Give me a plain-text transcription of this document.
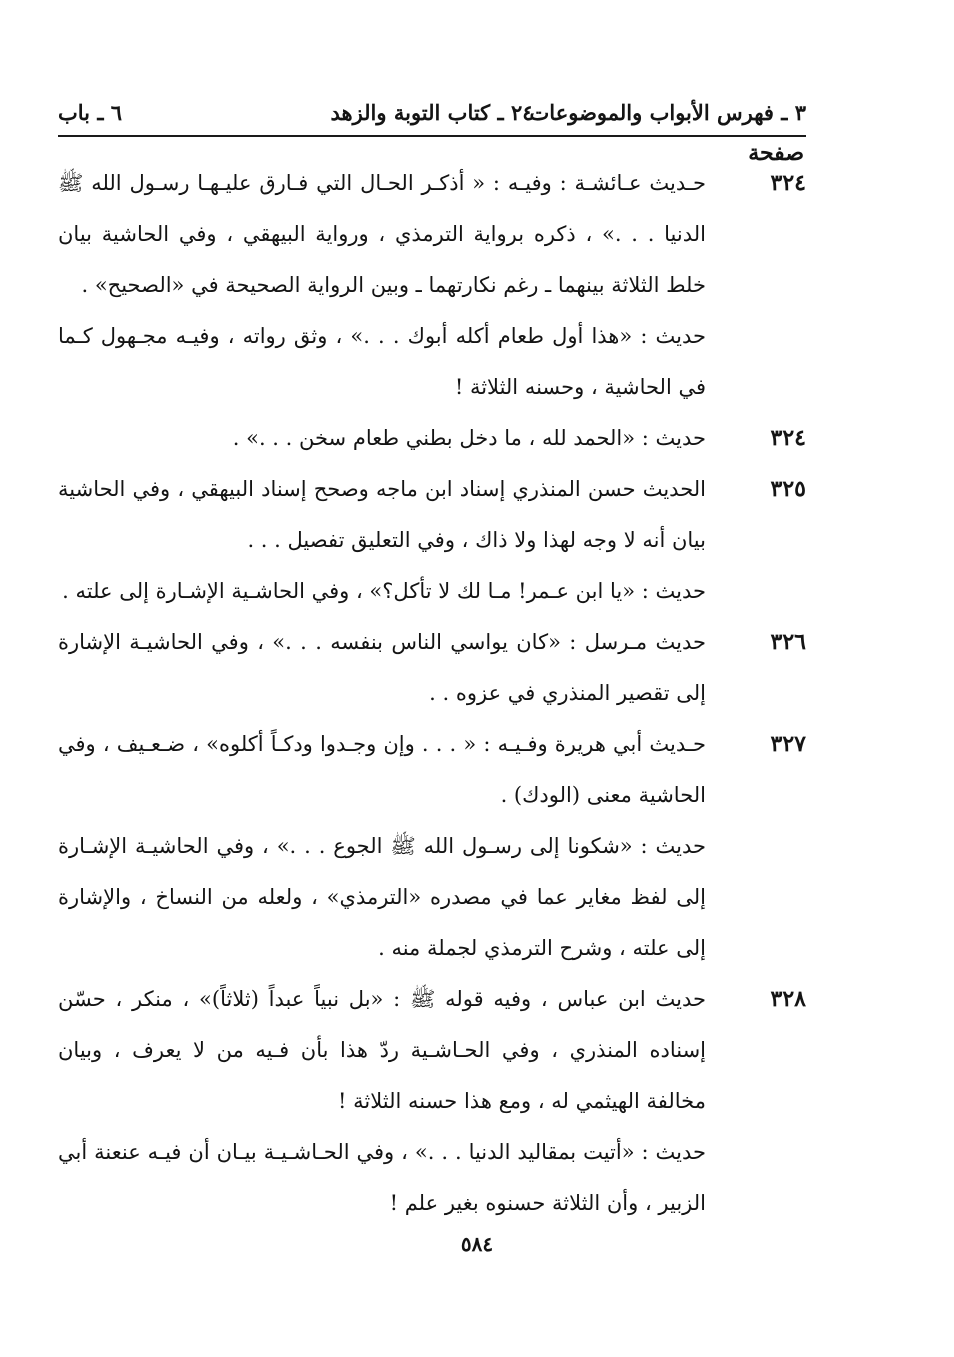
٣ ـ فهرس الأبواب والموضوعات
٢٤ ـ كتاب التوبة والزهد
٦ ـ باب
صفحة
٣٢٤

حـديث عـائشـة : وفيـه : « أذكـر الحـال التي فـارق عليـهـا رسـول الله ﷺ الدنيا . . .» ، ذكره برواية الترمذي ، ورواية البيهقي ، وفي الحاشية بيان خلط الثلاثة بينهما ـ رغم نكارتهما ـ وبين الرواية الصحيحة في «الصحيح» .

حديث : «هذا أول طعام أكله أبوك . . .» ، وثق رواته ، وفيـه مجـهول كـما في الحاشية ، وحسنه الثلاثة !

٣٢٤

حديث : «الحمد لله ، ما دخل بطني طعام سخن . . .» .

٣٢٥

الحديث حسن المنذري إسناد ابن ماجه وصحح إسناد البيهقي ، وفي الحاشية بيان أنه لا وجه لهذا ولا ذاك ، وفي التعليق تفصيل . . .

حديث : «يا ابن عـمر! مـا لك لا تأكل؟» ، وفي الحاشـية الإشـارة إلى علته .

٣٢٦

حديث مـرسل : «كان يواسي الناس بنفسه . . .» ، وفي الحاشيـة الإشارة إلى تقصير المنذري في عزوه . .

٣٢٧

حـديث أبي هريرة وفـيـه : « . . . وإن وجـدوا ودكـاً أكلوه» ، ضـعـيف ، وفي الحاشية معنى (الودك) .

حديث : «شكونا إلى رسـول الله ﷺ الجوع . . .» ، وفي الحاشيـة الإشـارة إلى لفظ مغاير عما في مصدره «الترمذي» ، ولعله من النساخ ، والإشارة إلى علته ، وشرح الترمذي لجملة منه .

٣٢٨

حديث ابن عباس ، وفيه قوله ﷺ : «بل نبياً عبداً (ثلاثاً)» ، منكر ، حسّن إسناده المنذري ، وفي الحـاشـية ردّ هذا بأن فـيه من لا يعرف ، وبيان مخالفة الهيثمي له ، ومع هذا حسنه الثلاثة !

حديث : «أتيت بمقاليد الدنيا . . .» ، وفي الحـاشـيـة بيـان أن فيـه عنعنة أبي الزبير ، وأن الثلاثة حسنوه بغير علم !

٥٨٤
